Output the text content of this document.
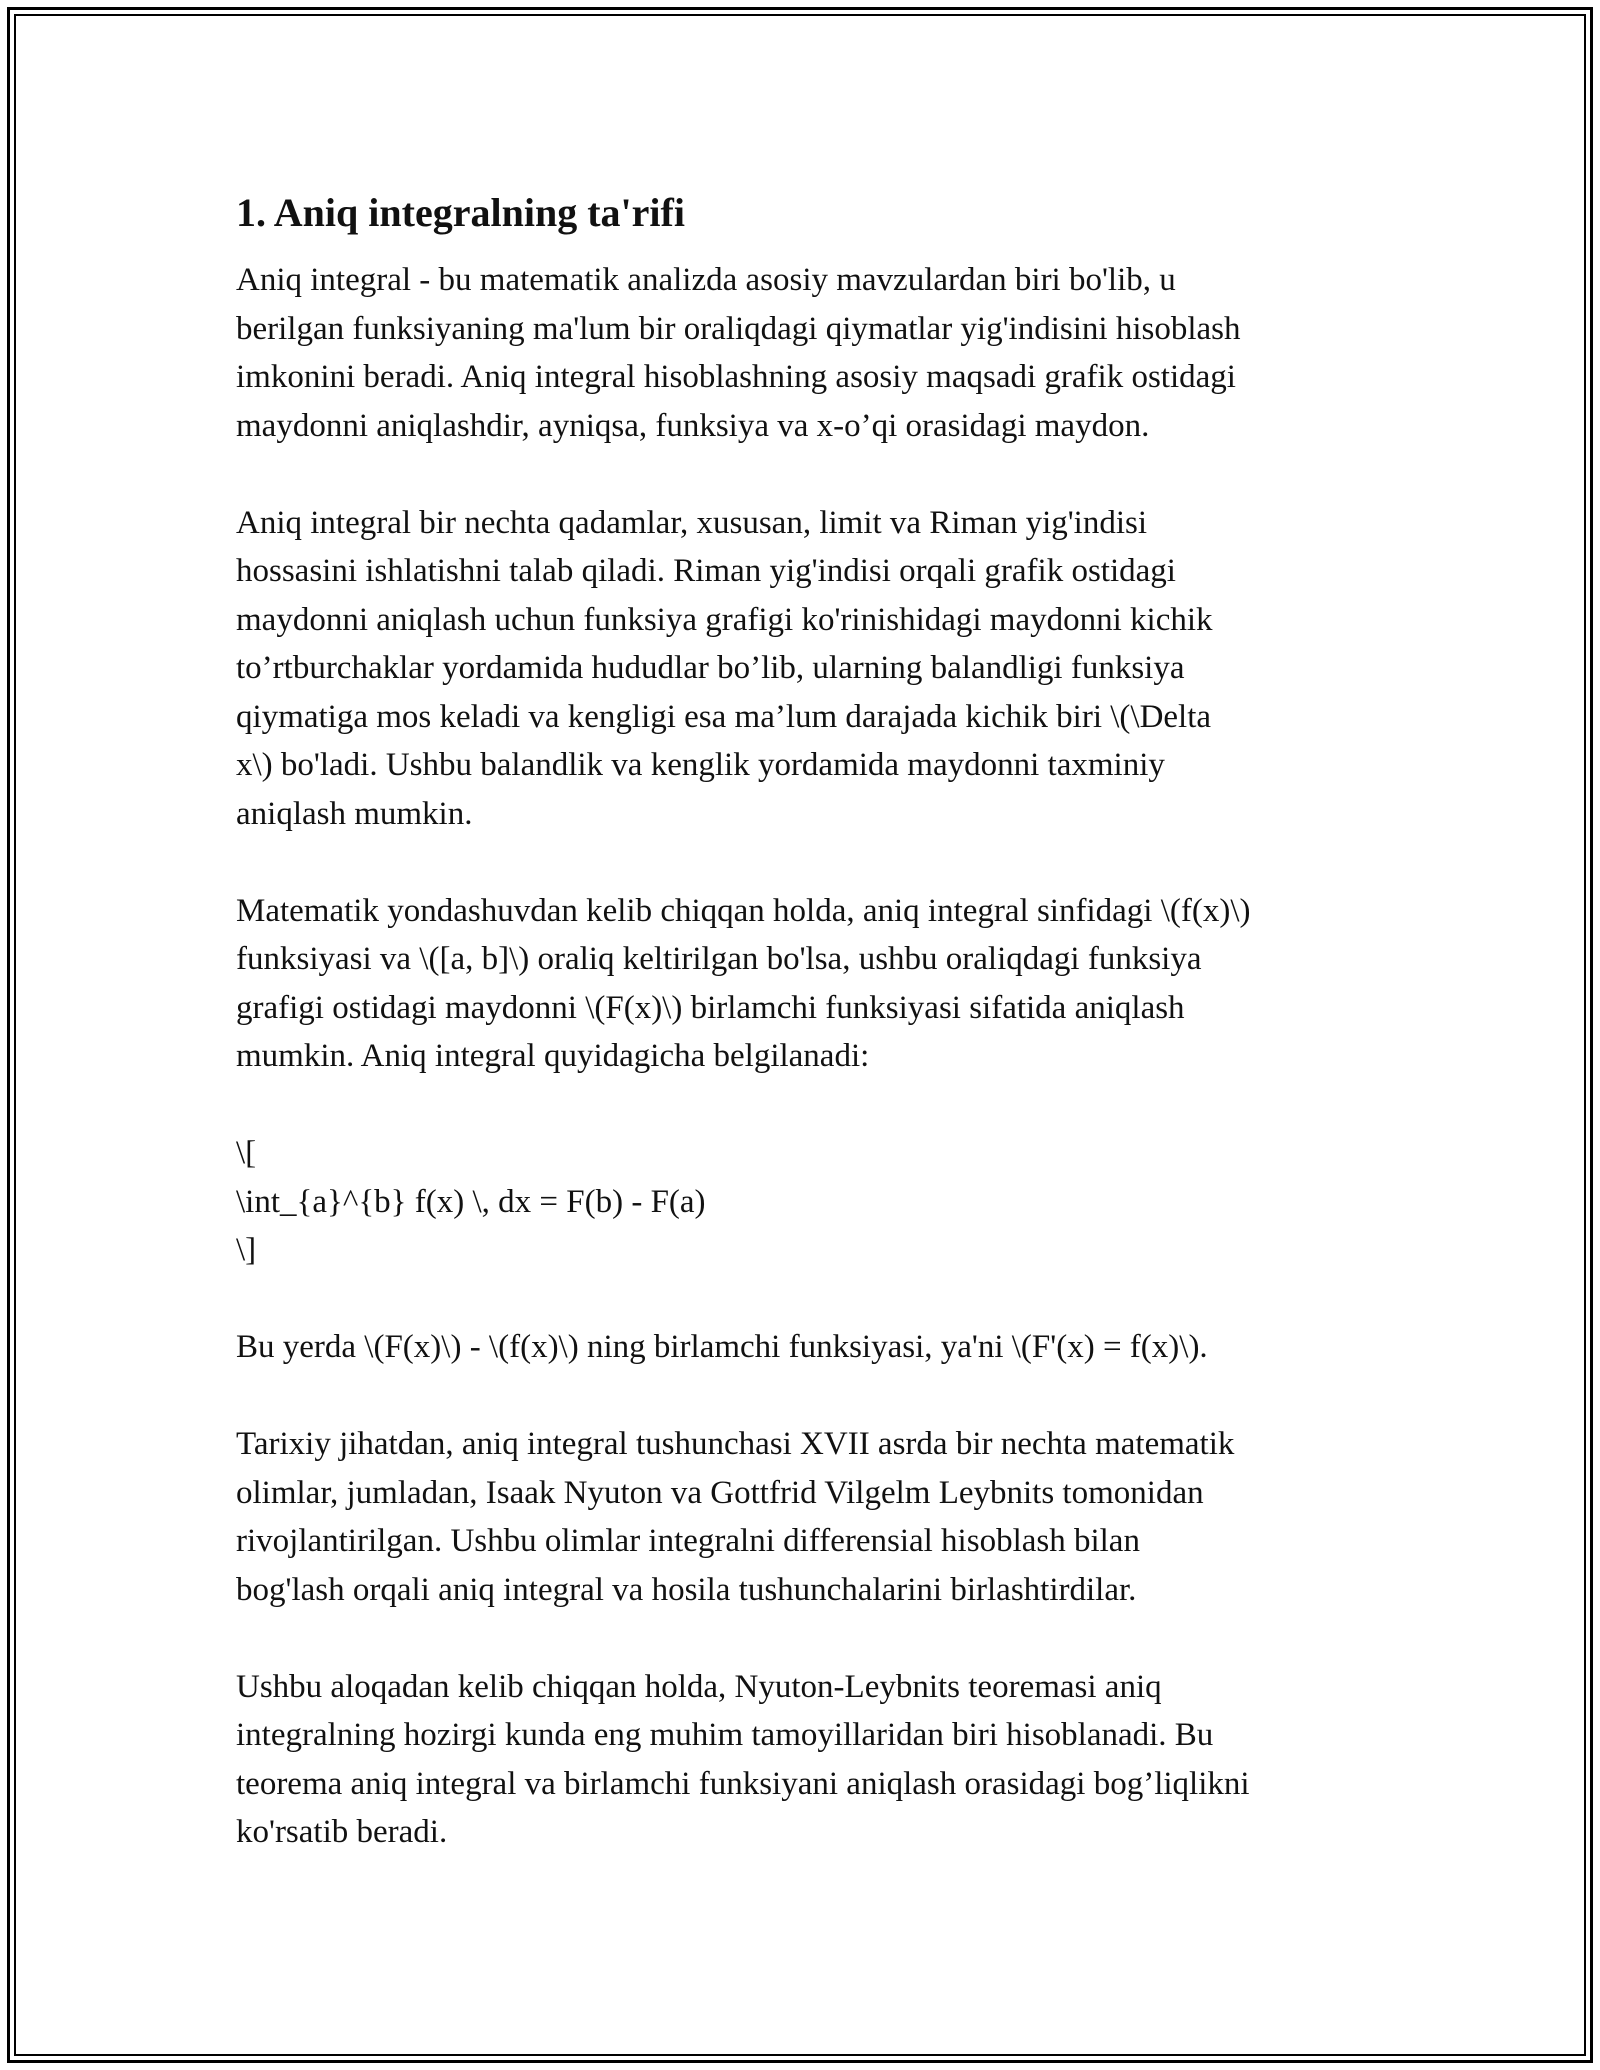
1. Aniq integralning ta'rifi

Aniq integral - bu matematik analizda asosiy mavzulardan biri bo'lib, u
berilgan funksiyaning ma'lum bir oraliqdagi qiymatlar yig'indisini hisoblash
imkonini beradi. Aniq integral hisoblashning asosiy maqsadi grafik ostidagi
maydonni aniqlashdir, ayniqsa, funksiya va x-o’qi orasidagi maydon.

Aniq integral bir nechta qadamlar, xususan, limit va Riman yig'indisi
hossasini ishlatishni talab qiladi. Riman yig'indisi orqali grafik ostidagi
maydonni aniqlash uchun funksiya grafigi ko'rinishidagi maydonni kichik
to’rtburchaklar yordamida hududlar bo’lib, ularning balandligi funksiya
qiymatiga mos keladi va kengligi esa ma’lum darajada kichik biri \(\Delta
x\) bo'ladi. Ushbu balandlik va kenglik yordamida maydonni taxminiy
aniqlash mumkin.

Matematik yondashuvdan kelib chiqqan holda, aniq integral sinfidagi \(f(x)\)
funksiyasi va \([a, b]\) oraliq keltirilgan bo'lsa, ushbu oraliqdagi funksiya
grafigi ostidagi maydonni \(F(x)\) birlamchi funksiyasi sifatida aniqlash
mumkin. Aniq integral quyidagicha belgilanadi:

\[
\int_{a}^{b} f(x) \, dx = F(b) - F(a)
\]

Bu yerda \(F(x)\) - \(f(x)\) ning birlamchi funksiyasi, ya'ni \(F'(x) = f(x)\).

Tarixiy jihatdan, aniq integral tushunchasi XVII asrda bir nechta matematik
olimlar, jumladan, Isaak Nyuton va Gottfrid Vilgelm Leybnits tomonidan
rivojlantirilgan. Ushbu olimlar integralni differensial hisoblash bilan
bog'lash orqali aniq integral va hosila tushunchalarini birlashtirdilar.

Ushbu aloqadan kelib chiqqan holda, Nyuton-Leybnits teoremasi aniq
integralning hozirgi kunda eng muhim tamoyillaridan biri hisoblanadi. Bu
teorema aniq integral va birlamchi funksiyani aniqlash orasidagi bog’liqlikni
ko'rsatib beradi.
